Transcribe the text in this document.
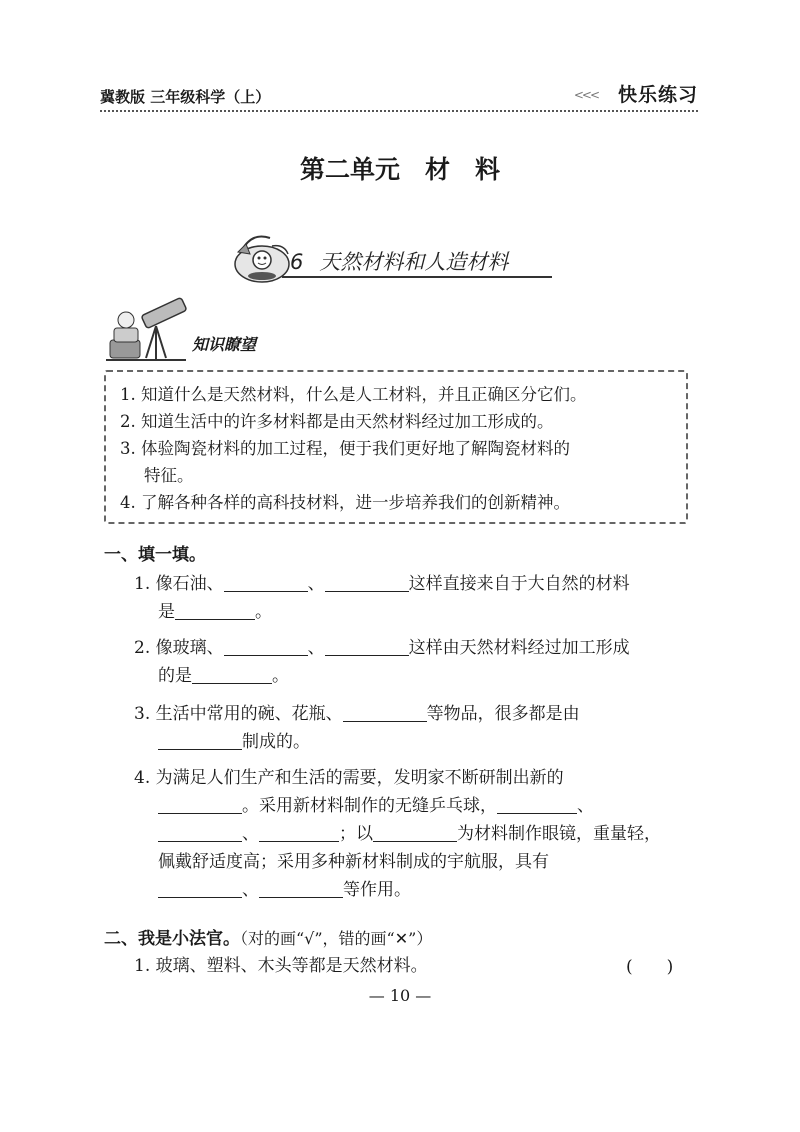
冀教版 三年级科学（上）	<<< 快乐练习
第二单元　材　料
6 天然材料和人造材料
知识瞭望
1. 知道什么是天然材料，什么是人工材料，并且正确区分它们。
2. 知道生活中的许多材料都是由天然材料经过加工形成的。
3. 体验陶瓷材料的加工过程，便于我们更好地了解陶瓷材料的
特征。
4. 了解各种各样的高科技材料，进一步培养我们的创新精神。
一、填一填。
1. 像石油、	、	这样直接来自于大自然的材料
是	。
2. 像玻璃、	、	这样由天然材料经过加工形成
的是	。
3. 生活中常用的碗、花瓶、	等物品，很多都是由
制成的。
4. 为满足人们生产和生活的需要，发明家不断研制出新的
。采用新材料制作的无缝乒乓球，	、
、	；以	为材料制作眼镜，重量轻，
佩戴舒适度高；采用多种新材料制成的宇航服，具有
、	等作用。
二、我是小法官。（对的画“√”，错的画“✕”）
1. 玻璃、塑料、木头等都是天然材料。	(　　)
— 10 —
